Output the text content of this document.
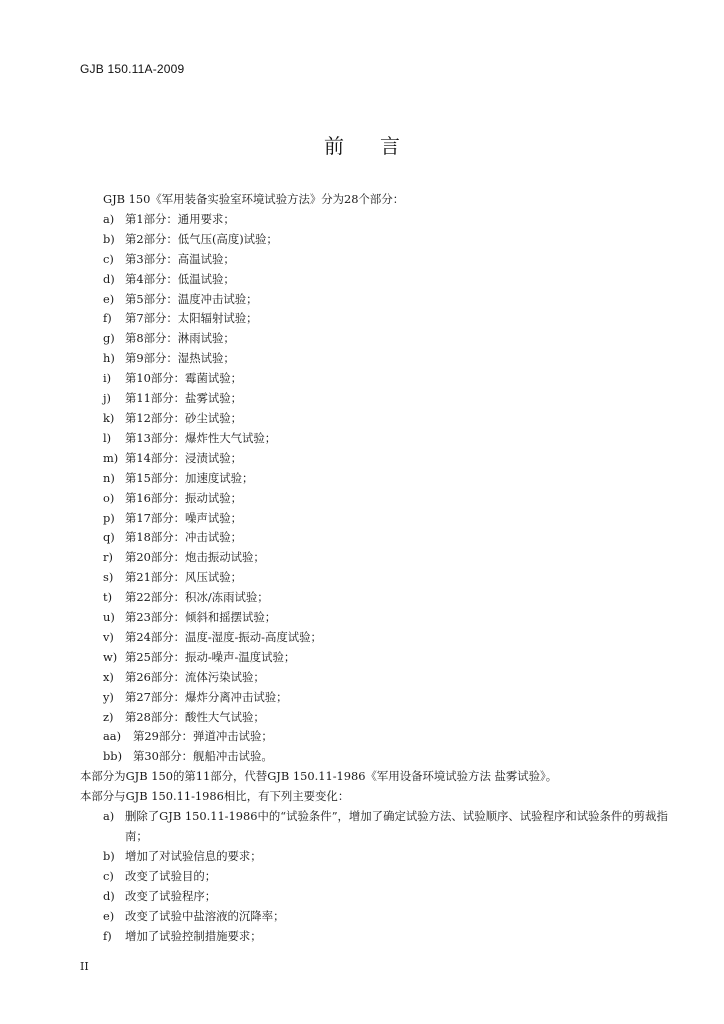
GJB 150.11A-2009
前言

GJB 150《军用装备实验室环境试验方法》分为28个部分：

a) 第1部分：通用要求；
b) 第2部分：低气压(高度)试验；
c) 第3部分：高温试验；
d) 第4部分：低温试验；
e) 第5部分：温度冲击试验；
f)	第7部分：太阳辐射试验；
g) 第8部分：淋雨试验；
h) 第9部分：湿热试验；
i)	第10部分：霉菌试验；
j)	第11部分：盐雾试验；
k) 第12部分：砂尘试验；
l)	第13部分：爆炸性大气试验；
m) 第14部分：浸渍试验；
n) 第15部分：加速度试验；
o) 第16部分：振动试验；
p) 第17部分：噪声试验；
q) 第18部分：冲击试验；
r)	第20部分：炮击振动试验；
s)	第21部分：风压试验；
t)	第22部分：积冰/冻雨试验；
u) 第23部分：倾斜和摇摆试验；
v) 第24部分：温度-湿度-振动-高度试验；
w) 第25部分：振动-噪声-温度试验；
x) 第26部分：流体污染试验；
y) 第27部分：爆炸分离冲击试验；
z)	第28部分：酸性大气试验；
aa)	第29部分：弹道冲击试验；
bb) 第30部分：舰船冲击试验。

本部分为GJB 150的第11部分，代替GJB 150.11-1986《军用设备环境试验方法 盐雾试验》。

本部分与GJB 150.11-1986相比，有下列主要变化：

a) 删除了GJB 150.11-1986中的“试验条件”，增加了确定试验方法、试验顺序、试验程序和试验条件的剪裁指南；
b) 增加了对试验信息的要求；
c) 改变了试验目的；
d) 改变了试验程序；
e) 改变了试验中盐溶液的沉降率；
f)	增加了试验控制措施要求；
II
